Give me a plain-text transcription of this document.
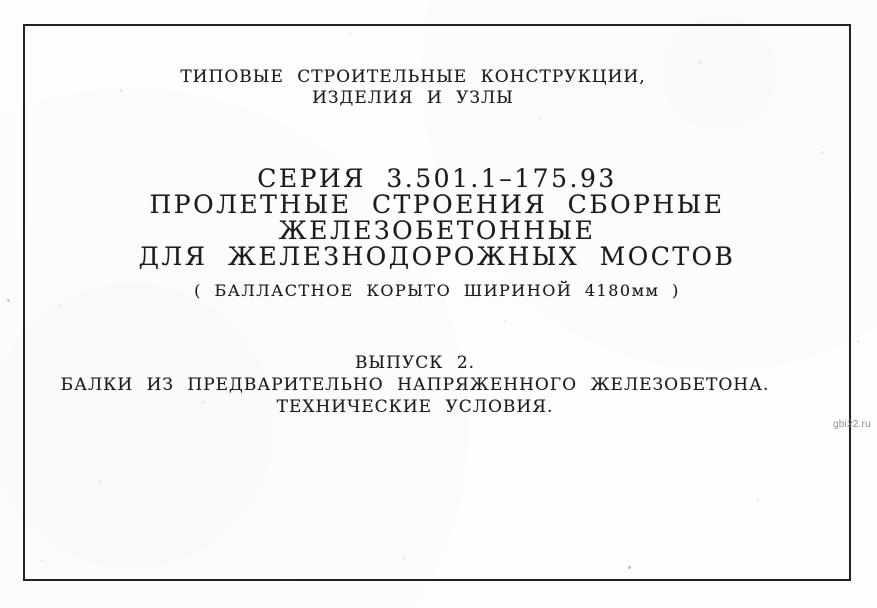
ТИПОВЫЕ СТРОИТЕЛЬНЫЕ КОНСТРУКЦИИ,
ИЗДЕЛИЯ И УЗЛЫ
СЕРИЯ 3.501.1–175.93
ПРОЛЕТНЫЕ СТРОЕНИЯ СБОРНЫЕ
ЖЕЛЕЗОБЕТОННЫЕ
ДЛЯ ЖЕЛЕЗНОДОРОЖНЫХ МОСТОВ
( БАЛЛАСТНОЕ КОРЫТО ШИРИНОЙ 4180мм )
ВЫПУСК 2.
БАЛКИ ИЗ ПРЕДВАРИТЕЛЬНО НАПРЯЖЕННОГО ЖЕЛЕЗОБЕТОНА.
ТЕХНИЧЕСКИЕ УСЛОВИЯ.
gbi22.ru
